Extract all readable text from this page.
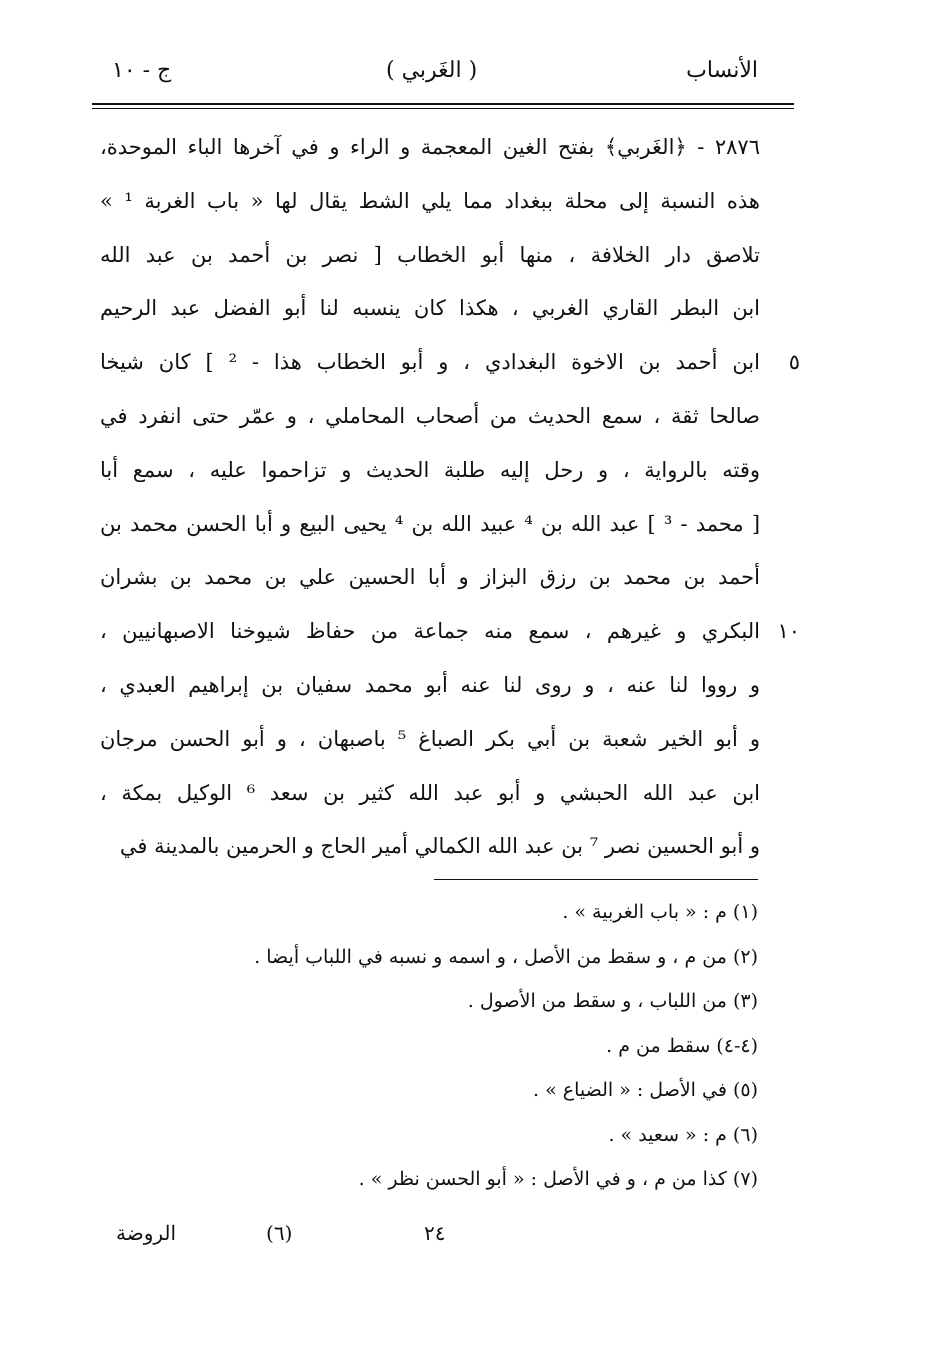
الأنساب
( الغَربي )
ج - ١٠
٢٨٧٦ - ﴿الغَربي﴾ بفتح الغين المعجمة و الراء و في آخرها الباء الموحدة،
هذه النسبة إلى محلة ببغداد مما يلي الشط يقال لها « باب الغربة ¹ »
تلاصق دار الخلافة ، منها أبو الخطاب [ نصر بن أحمد بن عبد الله
ابن البطر القاري الغربي ، هكذا كان ينسبه لنا أبو الفضل عبد الرحيم
٥
ابن أحمد بن الاخوة البغدادي ، و أبو الخطاب هذا - ² ] كان شيخا
صالحا ثقة ، سمع الحديث من أصحاب المحاملي ، و عمّر حتى انفرد في
وقته بالرواية ، و رحل إليه طلبة الحديث و تزاحموا عليه ، سمع أبا
[ محمد - ³ ] عبد الله بن ⁴ عبيد الله بن ⁴ يحيى البيع و أبا الحسن محمد بن
أحمد بن محمد بن رزق البزاز و أبا الحسين علي بن محمد بن بشران
١٠
البكري و غيرهم ، سمع منه جماعة من حفاظ شيوخنا الاصبهانيين ،
و رووا لنا عنه ، و روى لنا عنه أبو محمد سفيان بن إبراهيم العبدي ،
و أبو الخير شعبة بن أبي بكر الصباغ ⁵ باصبهان ، و أبو الحسن مرجان
ابن عبد الله الحبشي و أبو عبد الله كثير بن سعد ⁶ الوكيل بمكة ،
و أبو الحسين نصر ⁷ بن عبد الله الكمالي أمير الحاج و الحرمين بالمدينة في
(١) م : « باب الغربية » .
(٢) من م ، و سقط من الأصل ، و اسمه و نسبه في اللباب أيضا .
(٣) من اللباب ، و سقط من الأصول .
(٤-٤) سقط من م .
(٥) في الأصل : « الضياع » .
(٦) م : « سعيد » .
(٧) كذا من م ، و في الأصل : « أبو الحسن نظر » .
٢٤
(٦)
الروضة
